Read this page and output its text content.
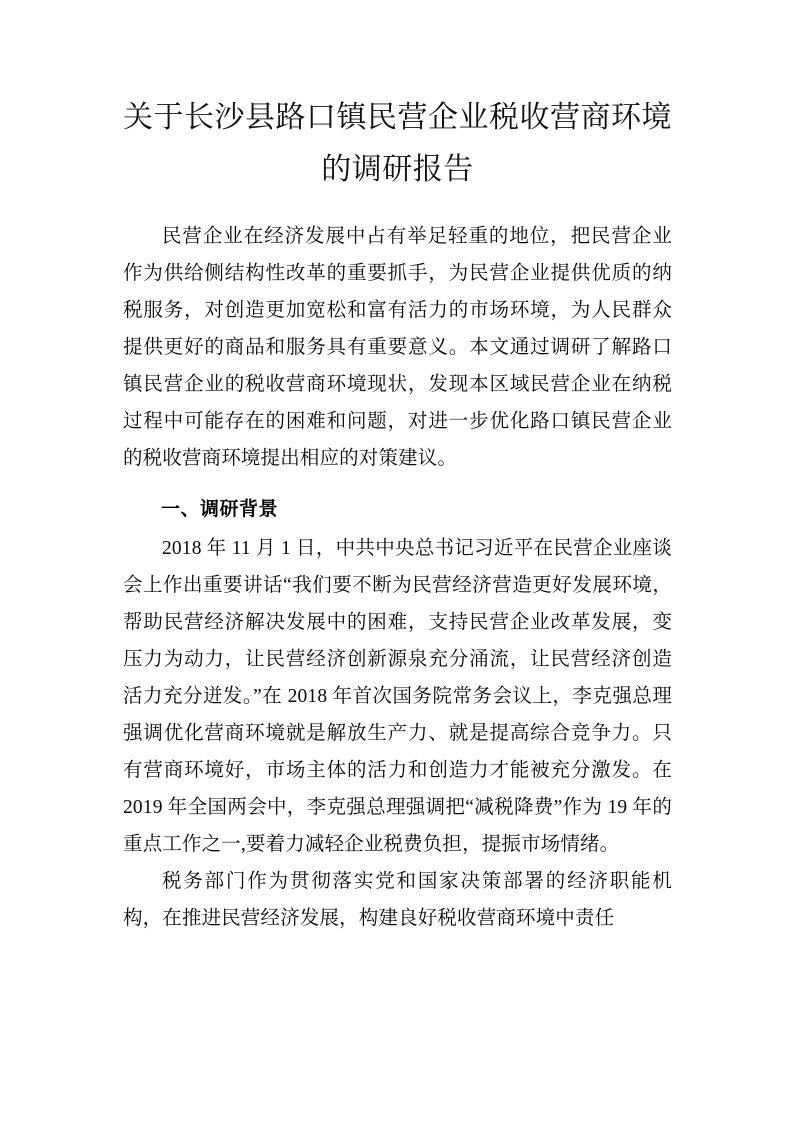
关于长沙县路口镇民营企业税收营商环境
的调研报告

民营企业在经济发展中占有举足轻重的地位，把民营企业作为供给侧结构性改革的重要抓手，为民营企业提供优质的纳税服务，对创造更加宽松和富有活力的市场环境，为人民群众提供更好的商品和服务具有重要意义。本文通过调研了解路口镇民营企业的税收营商环境现状，发现本区域民营企业在纳税过程中可能存在的困难和问题，对进一步优化路口镇民营企业的税收营商环境提出相应的对策建议。

一、调研背景

2018 年 11 月 1 日，中共中央总书记习近平在民营企业座谈会上作出重要讲话“我们要不断为民营经济营造更好发展环境，帮助民营经济解决发展中的困难，支持民营企业改革发展，变压力为动力，让民营经济创新源泉充分涌流，让民营经济创造活力充分迸发。”在 2018 年首次国务院常务会议上，李克强总理强调优化营商环境就是解放生产力、就是提高综合竞争力。只有营商环境好，市场主体的活力和创造力才能被充分激发。在 2019 年全国两会中，李克强总理强调把“减税降费”作为 19 年的重点工作之一,要着力减轻企业税费负担，提振市场情绪。

税务部门作为贯彻落实党和国家决策部署的经济职能机构，在推进民营经济发展，构建良好税收营商环境中责任
